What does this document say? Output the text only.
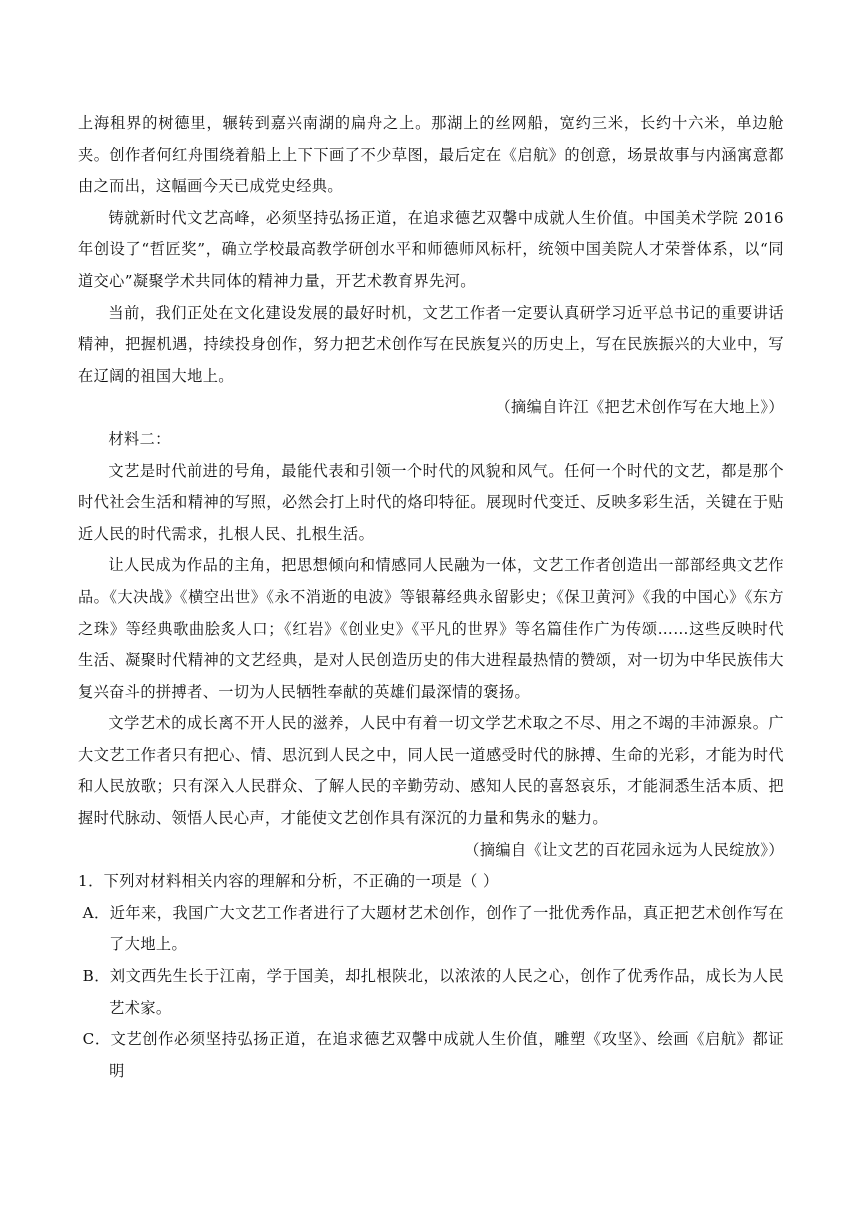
上海租界的树德里，辗转到嘉兴南湖的扁舟之上。那湖上的丝网船，宽约三米，长约十六米，单边舱夹。创作者何红舟围绕着船上上下下画了不少草图，最后定在《启航》的创意，场景故事与内涵寓意都由之而出，这幅画今天已成党史经典。

铸就新时代文艺高峰，必须坚持弘扬正道，在追求德艺双馨中成就人生价值。中国美术学院 2016 年创设了“哲匠奖”，确立学校最高教学研创水平和师德师风标杆，统领中国美院人才荣誉体系，以“同道交心”凝聚学术共同体的精神力量，开艺术教育界先河。

当前，我们正处在文化建设发展的最好时机，文艺工作者一定要认真研学习近平总书记的重要讲话精神，把握机遇，持续投身创作，努力把艺术创作写在民族复兴的历史上，写在民族振兴的大业中，写在辽阔的祖国大地上。

（摘编自许江《把艺术创作写在大地上》）

材料二：

文艺是时代前进的号角，最能代表和引领一个时代的风貌和风气。任何一个时代的文艺，都是那个时代社会生活和精神的写照，必然会打上时代的烙印特征。展现时代变迁、反映多彩生活，关键在于贴近人民的时代需求，扎根人民、扎根生活。

让人民成为作品的主角，把思想倾向和情感同人民融为一体，文艺工作者创造出一部部经典文艺作品。《大决战》《横空出世》《永不消逝的电波》等银幕经典永留影史；《保卫黄河》《我的中国心》《东方之珠》等经典歌曲脍炙人口；《红岩》《创业史》《平凡的世界》等名篇佳作广为传颂……这些反映时代生活、凝聚时代精神的文艺经典，是对人民创造历史的伟大进程最热情的赞颂，对一切为中华民族伟大复兴奋斗的拼搏者、一切为人民牺牲奉献的英雄们最深情的褒扬。

文学艺术的成长离不开人民的滋养，人民中有着一切文学艺术取之不尽、用之不竭的丰沛源泉。广大文艺工作者只有把心、情、思沉到人民之中，同人民一道感受时代的脉搏、生命的光彩，才能为时代和人民放歌；只有深入人民群众、了解人民的辛勤劳动、感知人民的喜怒哀乐，才能洞悉生活本质、把握时代脉动、领悟人民心声，才能使文艺创作具有深沉的力量和隽永的魅力。

（摘编自《让文艺的百花园永远为人民绽放》）

1．下列对材料相关内容的理解和分析，不正确的一项是（ ）

A．近年来，我国广大文艺工作者进行了大题材艺术创作，创作了一批优秀作品，真正把艺术创作写在了大地上。

B．刘文西先生长于江南，学于国美，却扎根陕北，以浓浓的人民之心，创作了优秀作品，成长为人民艺术家。

C．文艺创作必须坚持弘扬正道，在追求德艺双馨中成就人生价值，雕塑《攻坚》、绘画《启航》都证明
